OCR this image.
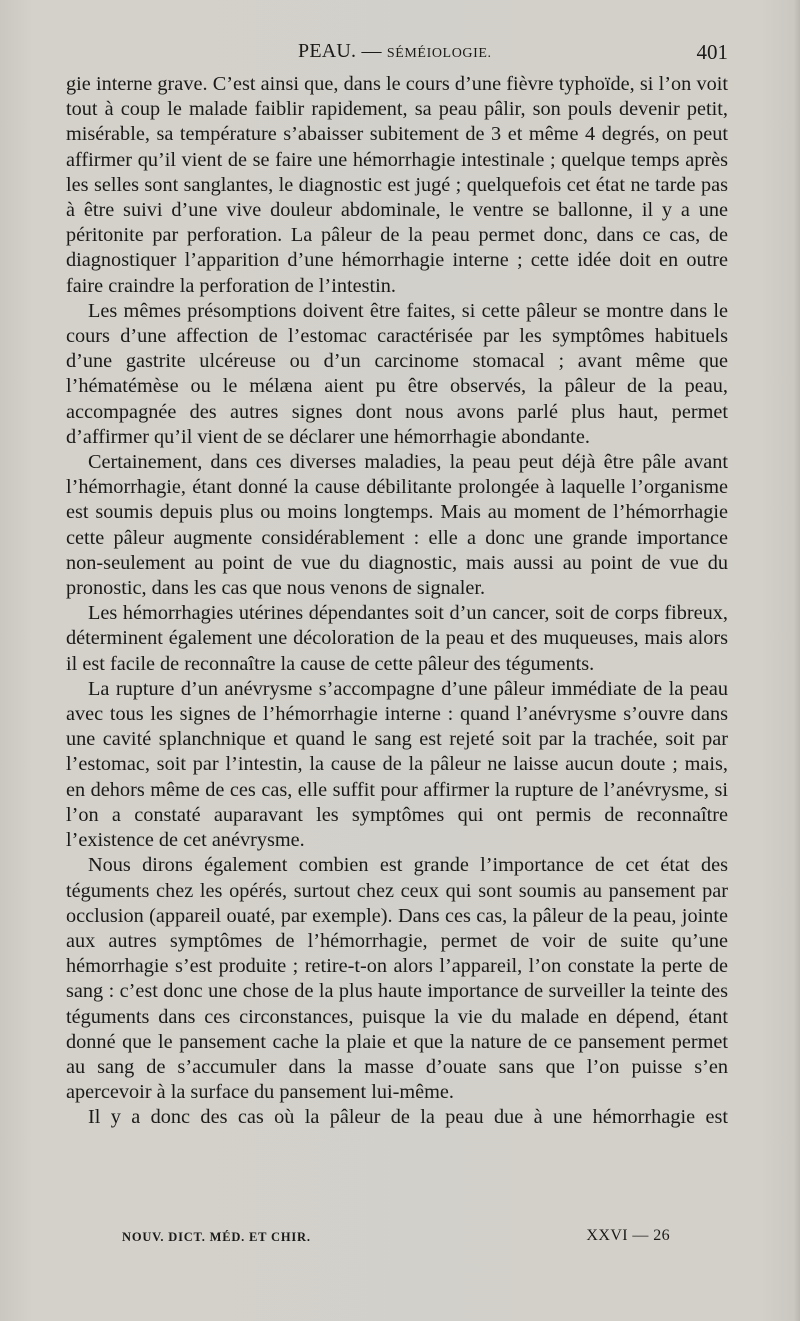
PEAU. — SÉMÉIOLOGIE.	401

gie interne grave. C’est ainsi que, dans le cours d’une fièvre typhoïde, si l’on voit tout à coup le malade faiblir rapidement, sa peau pâlir, son pouls devenir petit, misérable, sa température s’abaisser subitement de 3 et même 4 degrés, on peut affirmer qu’il vient de se faire une hémorrhagie intestinale ; quelque temps après les selles sont sanglantes, le diagnostic est jugé ; quelquefois cet état ne tarde pas à être suivi d’une vive douleur abdominale, le ventre se ballonne, il y a une péritonite par perforation. La pâleur de la peau permet donc, dans ce cas, de diagnostiquer l’apparition d’une hémorrhagie interne ; cette idée doit en outre faire craindre la perforation de l’intestin.

Les mêmes présomptions doivent être faites, si cette pâleur se montre dans le cours d’une affection de l’estomac caractérisée par les symptômes habituels d’une gastrite ulcéreuse ou d’un carcinome stomacal ; avant même que l’hématémèse ou le mélæna aient pu être observés, la pâleur de la peau, accompagnée des autres signes dont nous avons parlé plus haut, permet d’affirmer qu’il vient de se déclarer une hémorrhagie abondante.

Certainement, dans ces diverses maladies, la peau peut déjà être pâle avant l’hémorrhagie, étant donné la cause débilitante prolongée à laquelle l’organisme est soumis depuis plus ou moins longtemps. Mais au moment de l’hémorrhagie cette pâleur augmente considérablement : elle a donc une grande importance non-seulement au point de vue du diagnostic, mais aussi au point de vue du pronostic, dans les cas que nous venons de signaler.

Les hémorrhagies utérines dépendantes soit d’un cancer, soit de corps fibreux, déterminent également une décoloration de la peau et des muqueuses, mais alors il est facile de reconnaître la cause de cette pâleur des téguments.

La rupture d’un anévrysme s’accompagne d’une pâleur immédiate de la peau avec tous les signes de l’hémorrhagie interne : quand l’anévrysme s’ouvre dans une cavité splanchnique et quand le sang est rejeté soit par la trachée, soit par l’estomac, soit par l’intestin, la cause de la pâleur ne laisse aucun doute ; mais, en dehors même de ces cas, elle suffit pour affirmer la rupture de l’anévrysme, si l’on a constaté auparavant les symptômes qui ont permis de reconnaître l’existence de cet anévrysme.

Nous dirons également combien est grande l’importance de cet état des téguments chez les opérés, surtout chez ceux qui sont soumis au pansement par occlusion (appareil ouaté, par exemple). Dans ces cas, la pâleur de la peau, jointe aux autres symptômes de l’hémorrhagie, permet de voir de suite qu’une hémorrhagie s’est produite ; retire-t-on alors l’appareil, l’on constate la perte de sang : c’est donc une chose de la plus haute importance de surveiller la teinte des téguments dans ces circonstances, puisque la vie du malade en dépend, étant donné que le pansement cache la plaie et que la nature de ce pansement permet au sang de s’accumuler dans la masse d’ouate sans que l’on puisse s’en apercevoir à la surface du pansement lui-même.

Il y a donc des cas où la pâleur de la peau due à une hémorrhagie est

NOUV. DICT. MÉD. ET CHIR.	XXVI — 26
